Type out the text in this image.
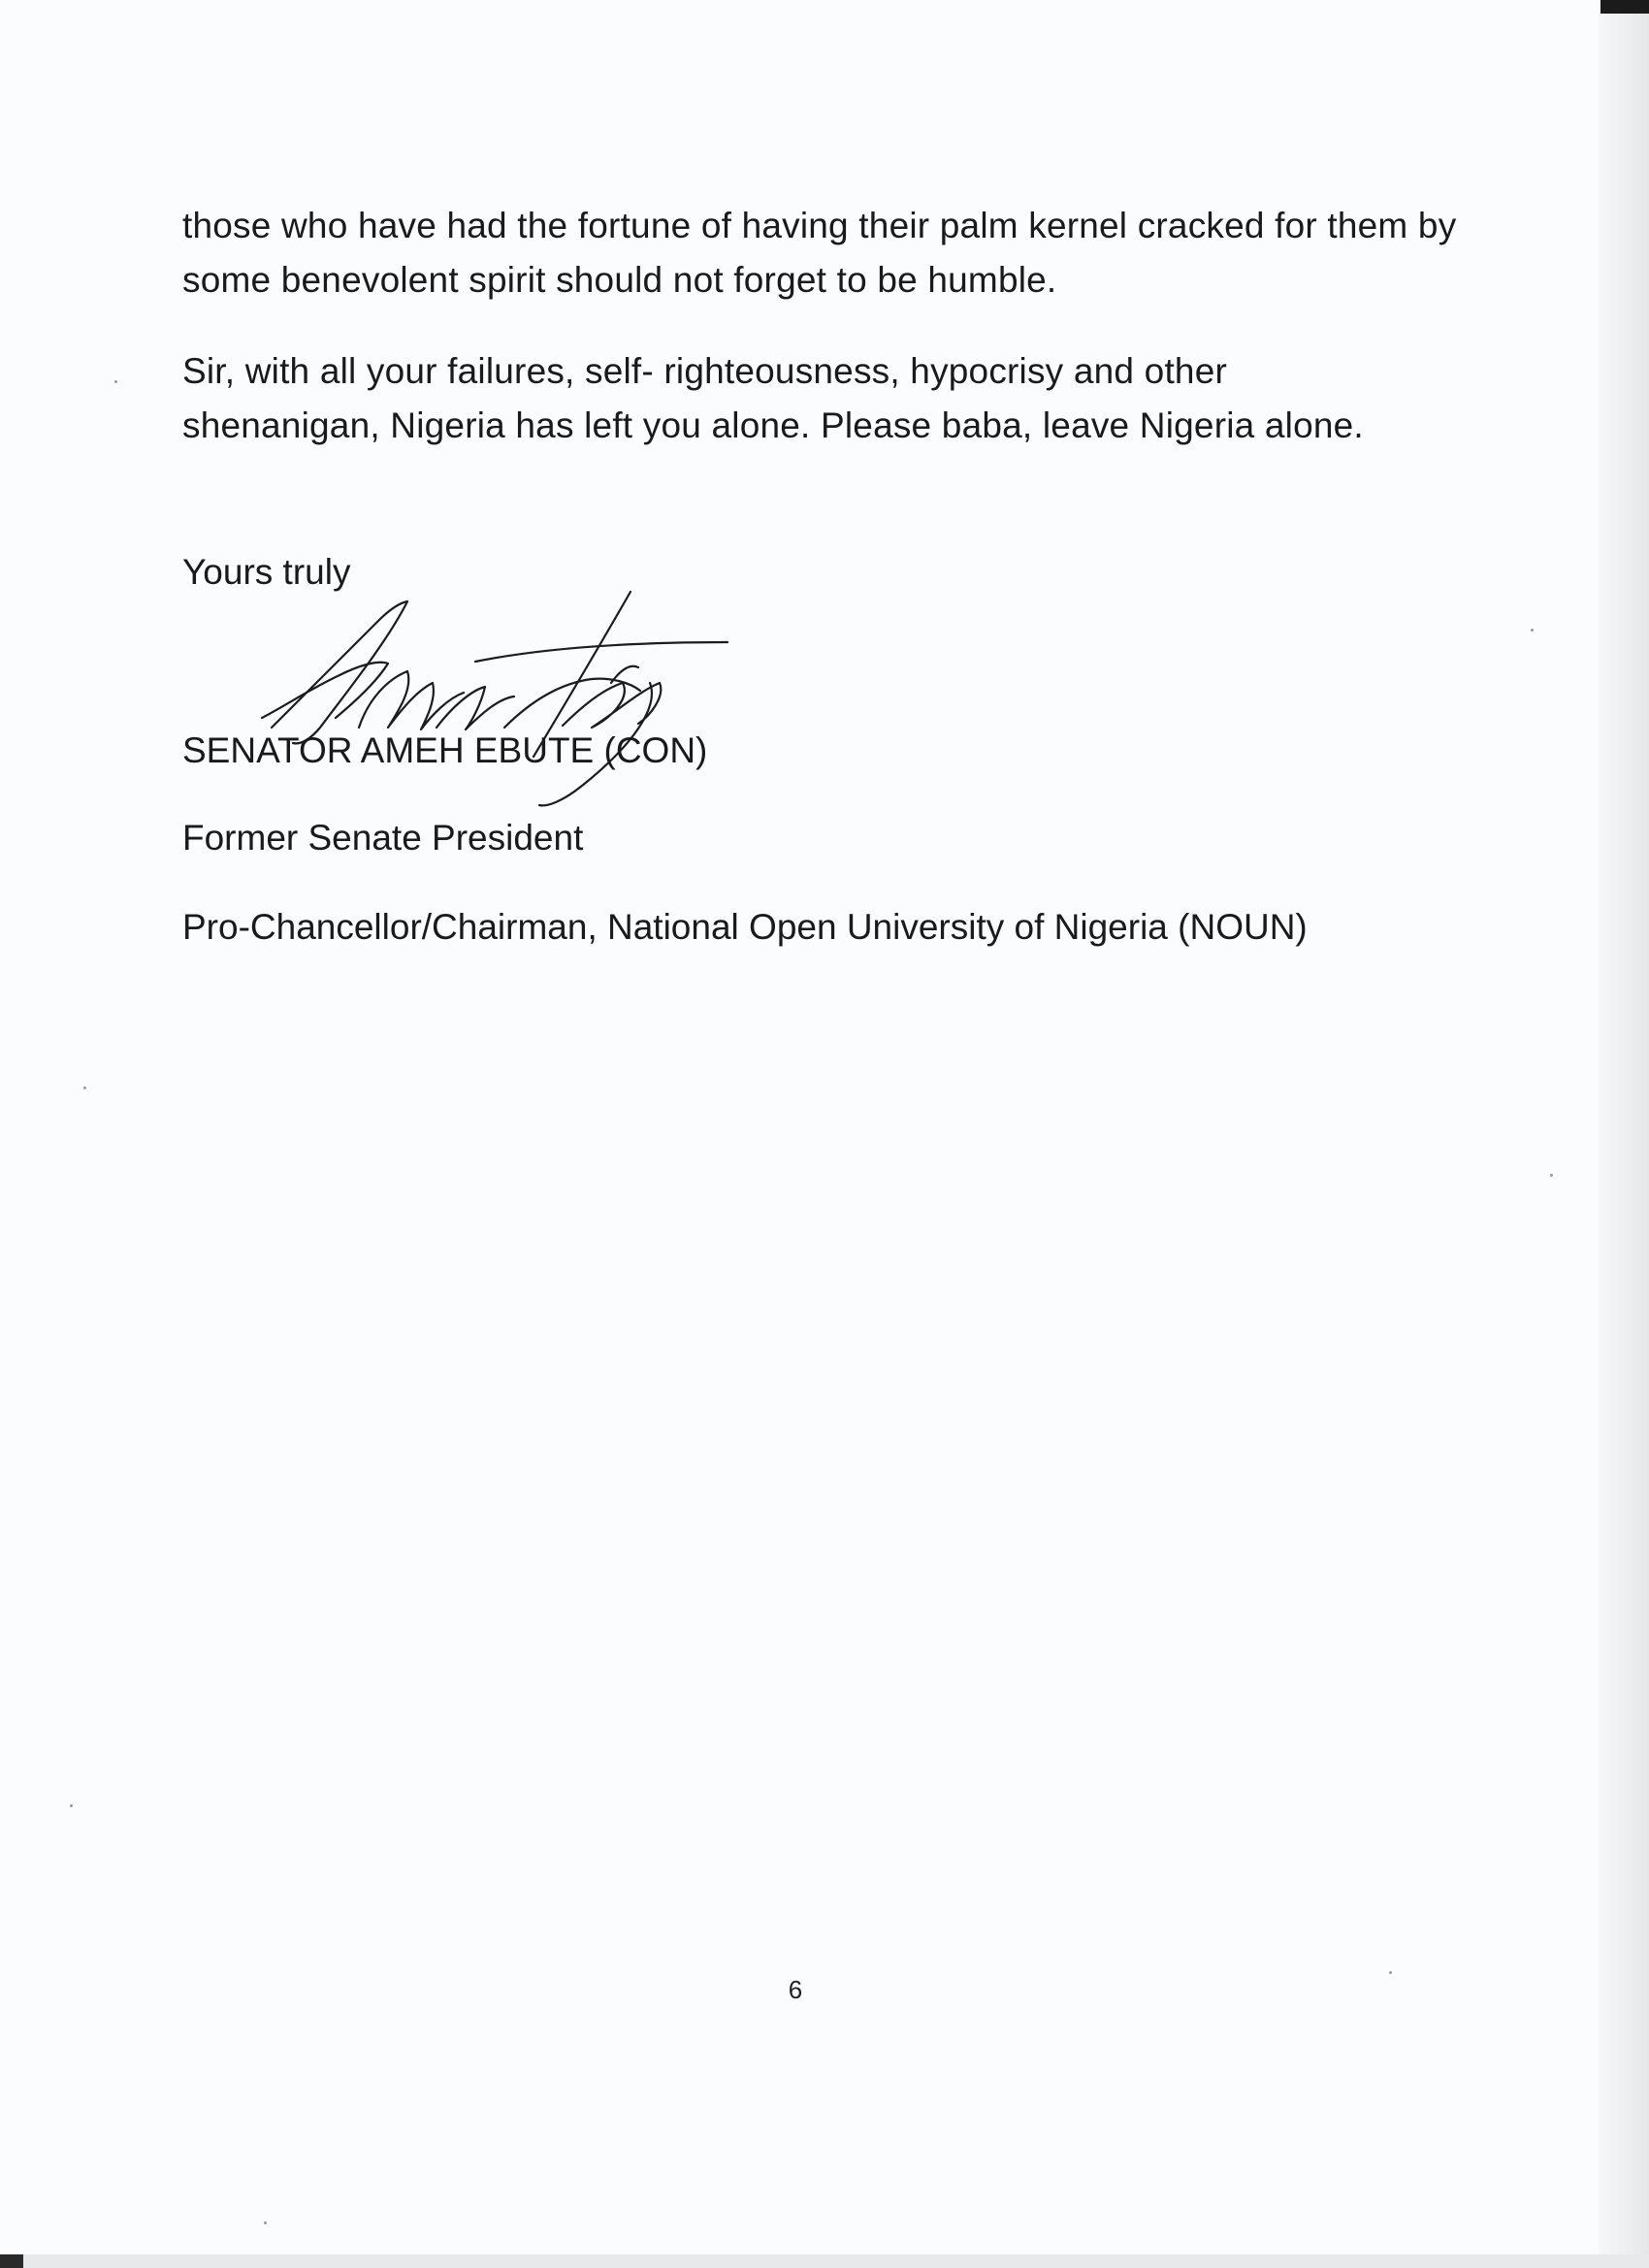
those who have had the fortune of having their palm kernel cracked for them by some benevolent spirit should not forget to be humble.

Sir, with all your failures, self- righteousness, hypocrisy and other shenanigan, Nigeria has left you alone. Please baba, leave Nigeria alone.

Yours truly

SENATOR AMEH EBUTE (CON)

Former Senate President

Pro-Chancellor/Chairman, National Open University of Nigeria (NOUN)

6
